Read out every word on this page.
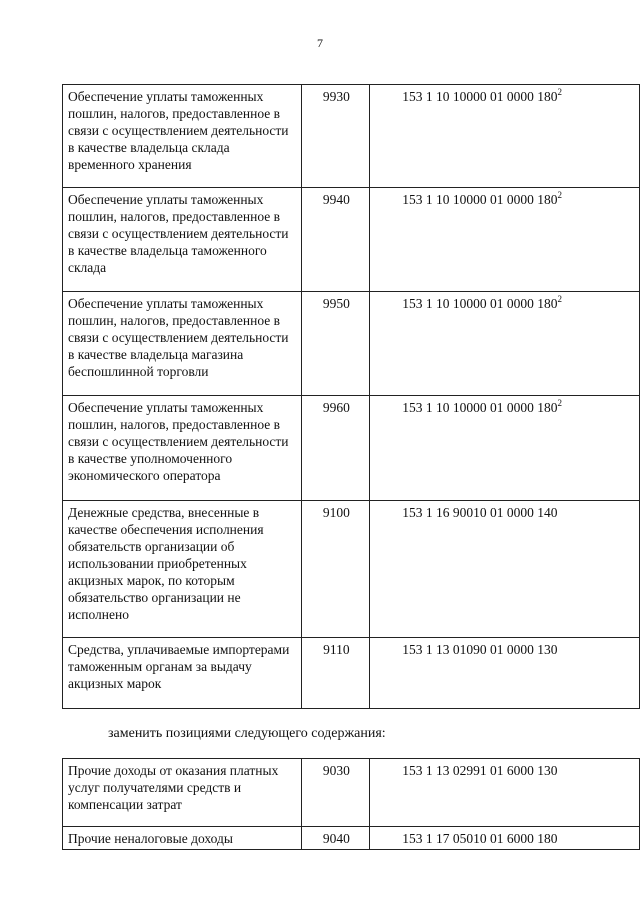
7
Обеспечение уплаты таможенных пошлин, налогов, предоставленное в связи с осуществлением деятельности в качестве владельца склада временного хранения	9930	153 1 10 10000 01 0000 $180^2$
Обеспечение уплаты таможенных пошлин, налогов, предоставленное в связи с осуществлением деятельности в качестве владельца таможенного склада	9940	153 1 10 10000 01 0000 $180^2$
Обеспечение уплаты таможенных пошлин, налогов, предоставленное в связи с осуществлением деятельности в качестве владельца магазина беспошлинной торговли	9950	153 1 10 10000 01 0000 $180^2$
Обеспечение уплаты таможенных пошлин, налогов, предоставленное в связи с осуществлением деятельности в качестве уполномоченного экономического оператора	9960	153 1 10 10000 01 0000 $180^2$
Денежные средства, внесенные в качестве обеспечения исполнения обязательств организации об использовании приобретенных акцизных марок, по которым обязательство организации не исполнено	9100	153 1 16 90010 01 0000 140
Средства, уплачиваемые импортерами таможенным органам за выдачу акцизных марок	9110	153 1 13 01090 01 0000 130
заменить позициями следующего содержания:
Прочие доходы от оказания платных услуг получателями средств и компенсации затрат	9030	153 1 13 02991 01 6000 130
Прочие неналоговые доходы	9040	153 1 17 05010 01 6000 180
